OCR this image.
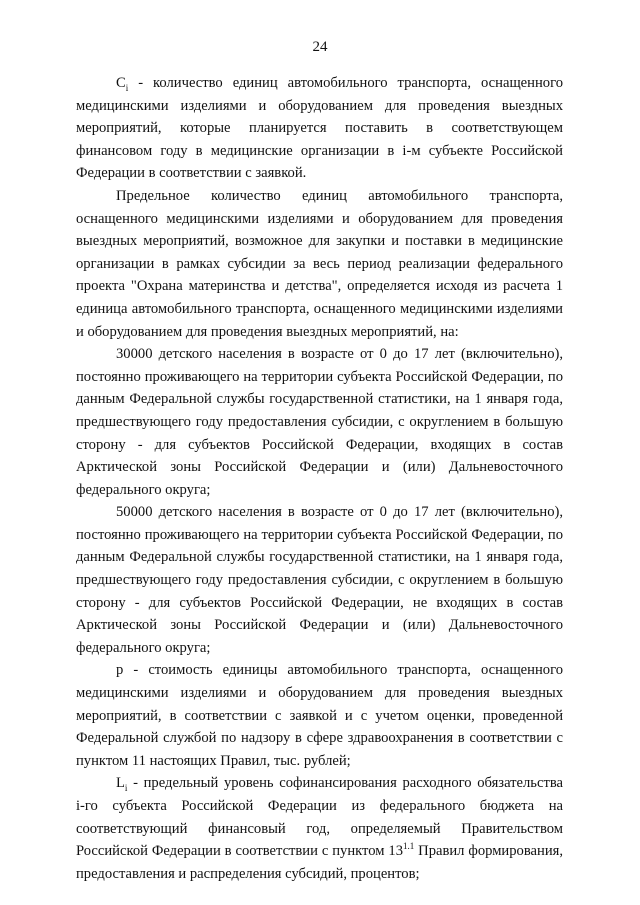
24

$C_i$ - количество единиц автомобильного транспорта, оснащенного медицинскими изделиями и оборудованием для проведения выездных мероприятий, которые планируется поставить в соответствующем финансовом году в медицинские организации в i-м субъекте Российской Федерации в соответствии с заявкой.

Предельное количество единиц автомобильного транспорта, оснащенного медицинскими изделиями и оборудованием для проведения выездных мероприятий, возможное для закупки и поставки в медицинские организации в рамках субсидии за весь период реализации федерального проекта "Охрана материнства и детства", определяется исходя из расчета 1 единица автомобильного транспорта, оснащенного медицинскими изделиями и оборудованием для проведения выездных мероприятий, на:

30000 детского населения в возрасте от 0 до 17 лет (включительно), постоянно проживающего на территории субъекта Российской Федерации, по данным Федеральной службы государственной статистики, на 1 января года, предшествующего году предоставления субсидии, с округлением в большую сторону - для субъектов Российской Федерации, входящих в состав Арктической зоны Российской Федерации и (или) Дальневосточного федерального округа;

50000 детского населения в возрасте от 0 до 17 лет (включительно), постоянно проживающего на территории субъекта Российской Федерации, по данным Федеральной службы государственной статистики, на 1 января года, предшествующего году предоставления субсидии, с округлением в большую сторону - для субъектов Российской Федерации, не входящих в состав Арктической зоны Российской Федерации и (или) Дальневосточного федерального округа;

p - стоимость единицы автомобильного транспорта, оснащенного медицинскими изделиями и оборудованием для проведения выездных мероприятий, в соответствии с заявкой и с учетом оценки, проведенной Федеральной службой по надзору в сфере здравоохранения в соответствии с пунктом 11 настоящих Правил, тыс. рублей;

$L_i$ - предельный уровень софинансирования расходного обязательства i-го субъекта Российской Федерации из федерального бюджета на соответствующий финансовый год, определяемый Правительством Российской Федерации в соответствии с пунктом $13^{1.1}$ Правил формирования, предоставления и распределения субсидий, процентов;
